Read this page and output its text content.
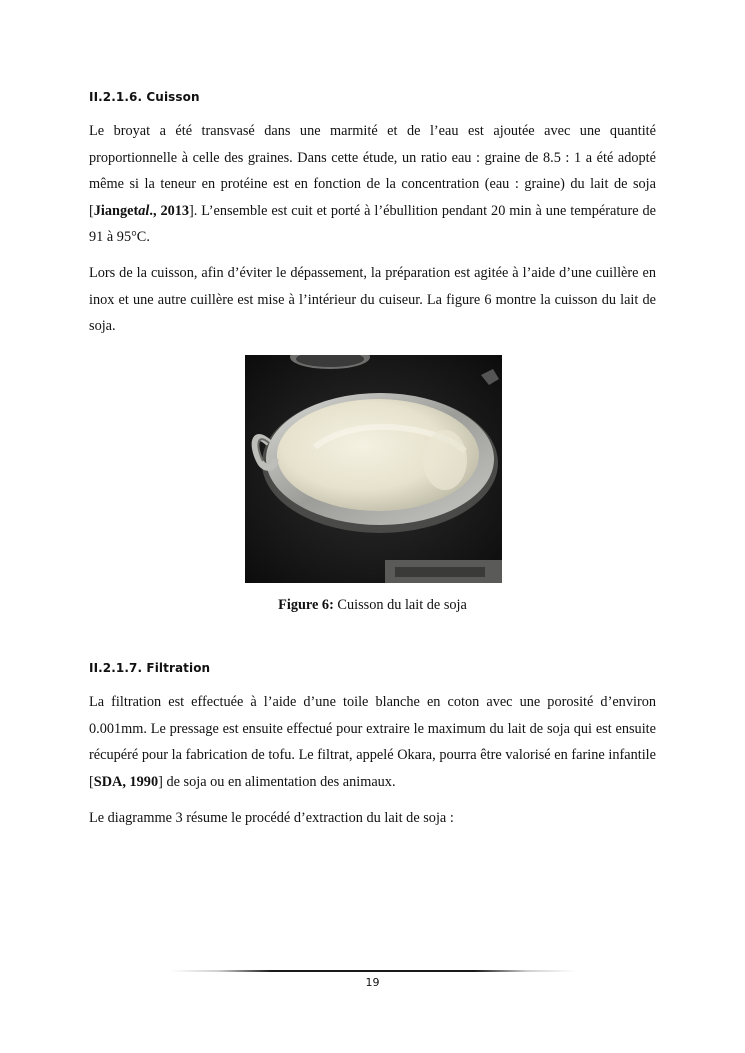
II.2.1.6. Cuisson

Le broyat a été transvasé dans une marmité et de l’eau est ajoutée avec une quantité proportionnelle à celle des graines. Dans cette étude, un ratio eau : graine de 8.5 : 1 a été adopté même si la teneur en protéine est en fonction de la concentration (eau : graine) du lait de soja [Jiangetal., 2013]. L’ensemble est cuit et porté à l’ébullition pendant 20 min à une température de 91 à 95°C.

Lors de la cuisson, afin d’éviter le dépassement, la préparation est agitée à l’aide d’une cuillère en inox et une autre cuillère est mise à l’intérieur du cuiseur. La figure 6 montre la cuisson du lait de soja.

Figure 6: Cuisson du lait de soja
II.2.1.7. Filtration

La filtration est effectuée à l’aide d’une toile blanche en coton avec une porosité d’environ 0.001mm. Le pressage est ensuite effectué pour extraire le maximum du lait de soja qui est ensuite récupéré pour la fabrication de tofu. Le filtrat, appelé Okara, pourra être valorisé en farine infantile [SDA, 1990] de soja ou en alimentation des animaux.

Le diagramme 3 résume le procédé d’extraction du lait de soja :

19
